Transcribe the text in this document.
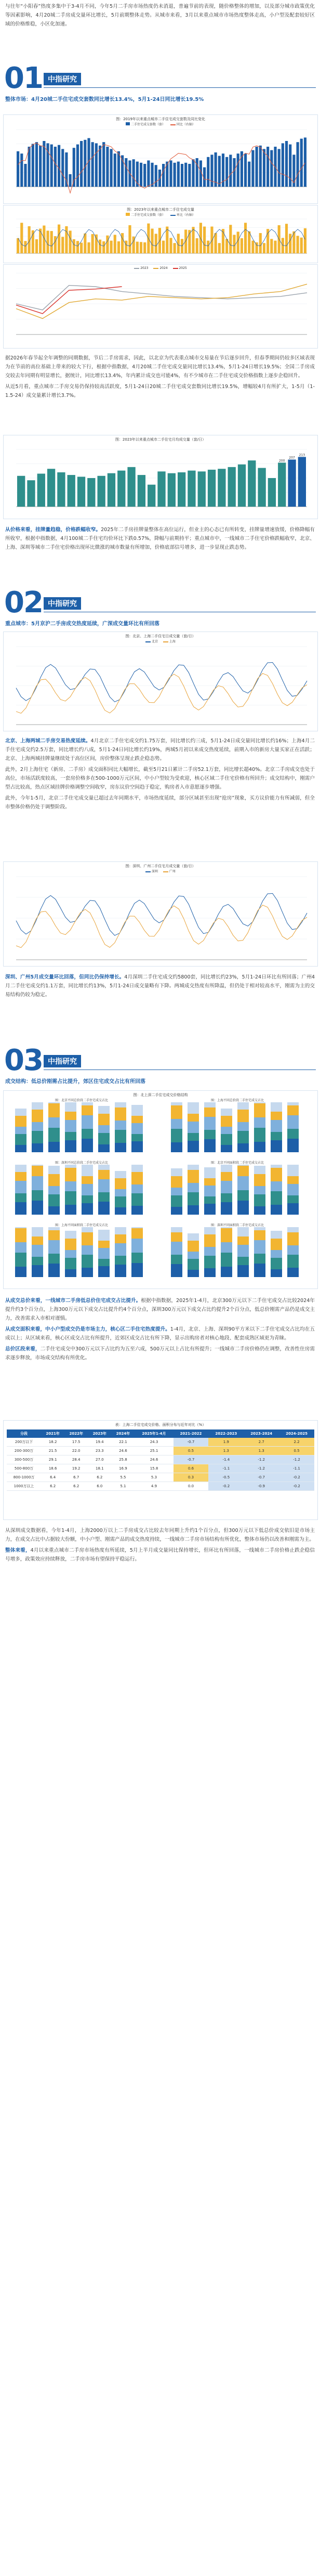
与往年“小阳春”热度多集中于3-4月不同，今年5月二手房市场热度仍未消退，普遍节前的表现，随价格整体的增加，以及部分城市政策优化等因素影响，4月20城二手房成交量环比增长，5月前期整体走势。从城市来看，3月以来重点城市市场热度整体走高，小户型及配套较好区域的价格维稳，小区化加速。

01 中指研究
整体市场：4月20城二手住宅成交套数同比增长13.4%，5月1-24日同比增长19.5%
图：2019年以来重点城市二手住宅成交套数及同比变化
二手住宅成交套数（套）	同比（右轴）
图：2023年以来重点城市二手住宅成交量
二手住宅成交套数（套）	环比（右轴）
2023	2024	2025

据2026年春节起全年调整的同期数据，节后二手房需求，因此，以北京为代表重点城市交易量在节后逐步回升，但春季期间仍较多区域表现为在节前的高位基础上带来的较大下行，根据中指数据，4月20城二手住宅成交量同比增长13.4%，5月1-24日增长19.5%；全国二手房成交较去年同期有明显增长，据统计，同比增长13.4%，年内累计成交也可能4%，有不少城市在二手住宅成交价格指数上逐步企稳回升。

从近5月看，重点城市二手房交易仍保持较高活跃度，5月1-24日20城二手住宅成交套数同比增长19.5%，增幅较4月有所扩大，1-5月（1-1.5-24）成交量累计增长3.7%。

图：2023年以来重点城市二手住宅月均成交量（套/日）
200
207
213

从价格来看，挂牌量趋稳，价格跌幅收窄。2025年二手房挂牌量整体在高位运行，但业主的心态已有所转变，挂牌量增速放缓，价格降幅有所收窄，根据中指数据，4月100城二手住宅均价环比下跌0.57%，降幅与前期持平；重点城市中，一线城市二手住宅价格跌幅收窄，北京、上海、深圳等城市二手住宅价格出现环比微涨的城市数量有所增加，价格底部信号增多，进一步显现止跌态势。

02 中指研究
重点城市：5月京沪二手房成交热度延续，广深成交量环比有所回落
图：北京、上海二手住宅日成交量（套/日）
北京	上海

北京、上海两城二手房交易热度延续。4月北京二手住宅成交约1.75万套，同比增长约三成，5月1-24日成交量同比增长约16%；上海4月二手住宅成交约2.5万套，同比增长约八成，5月1-24日同比增长约19%，两城5月初以来成交热度延续，前期入市的新房大量买家正在活跃；北京、上海两城挂牌量继续处于高位区间，房价整体呈现止跌企稳态势。

此外，2月上海住宅（新房、二手房）成交面积同比大幅增长，截至5月21日累计二手房52.1万套，同比增长超40%。北京二手房成交也处于高位，市场活跃度较高，一套房价格多在500-1000万元区间，中小户型较为受欢迎，核心区域二手住宅价格有所回升；成交结构中，刚需户型占比较高，热点区域挂牌价格调整空间收窄，房东议价空间趋于稳定，购房者入市意愿逐步增强。

此外，今年1-5月，北京二手住宅成交量已超过去年同期水平，市场热度延续，部分区域甚至出现“抢房”现象，买方议价能力有所减弱，但全市整体价格仍处于调整阶段。

图：深圳、广州二手住宅月成交量（套/日）
深圳	广州

深圳、广州5月成交量环比回落，但同比仍保持增长。4月深圳二手住宅成交约5800套，同比增长约23%，5月1-24日环比有所回落；广州4月二手住宅成交约1.1万套，同比增长约13%，5月1-24日成交量略有下降。两城成交热度有所降温，但仍处于相对较高水平，刚需为主的交易结构仍较为稳定。

03 中指研究
成交结构：低总价刚需占比提升，郊区住宅成交占比有所回落
图：北上深二手住宅成交价格结构
图：北京不同总价段二手住宅成交占比	图：上海不同总价段二手住宅成交占比
图：深圳不同总价段二手住宅成交占比	图：北京不同面积段二手住宅成交占比
图：上海不同面积段二手住宅成交占比	图：深圳不同面积段二手住宅成交占比

从成交总价来看，一线城市二手房低总价住宅成交占比提升。根据中指数据，2025年1-4月，北京300万元以下二手住宅成交占比较2024年提升约3个百分点，上海300万元以下成交占比提升约4个百分点，深圳300万元以下成交占比约提升2个百分点，低总价刚需产品仍是成交主力，改善需求入市相对谨慎。

从成交面积来看，中小户型成交仍是市场主力，核心区二手住宅热度提升。1-4月，北京、上海、深圳90平方米以下二手住宅成交占比均在五成以上；从区域来看，核心区成交占比有所提升，近郊区成交占比有所下降，显示出购房者对核心地段、配套成熟区域更为青睐。

总价区段来看，二手住宅成交中300万元以下占比约为五至六成，500万元以上占比有所提升；一线城市二手房价格仍在调整，改善性住房需求逐步释放，市场成交结构有所优化。

表：上海二手住宅成交价格、面积分布与近年对比（%）
分段	2021年	2022年	2023年	2024年	2025年1-4月	2021-2022	2022-2023	2023-2024	2024-2025
200万以下	18.2	17.5	19.4	22.1	24.3	-0.7	1.9	2.7	2.2
200-300万	21.5	22.0	23.3	24.6	25.1	0.5	1.3	1.3	0.5
300-500万	29.1	28.4	27.0	25.8	24.6	-0.7	-1.4	-1.2	-1.2
500-800万	18.6	19.2	18.1	16.9	15.8	0.6	-1.1	-1.2	-1.1
800-1000万	6.4	6.7	6.2	5.5	5.3	0.3	-0.5	-0.7	-0.2
1000万以上	6.2	6.2	6.0	5.1	4.9	0.0	-0.2	-0.9	-0.2

从深圳成交数据看，今年1-4月，上海2000万以上二手房成交占比较去年同期上升约1个百分点，但300万元以下低总价成交依旧是市场主力，在成交占比中占据较大份额，中小户型、刚需产品的成交热度持续，一线城市二手房市场结构有所优化，整体市场仍以改善和刚需为主。

整体来看，4月以来重点城市二手房市场热度有所延续，5月上半月成交量同比保持增长，但环比有所回落，一线城市二手房价格止跌企稳信号增多，政策效应持续释放，二手房市场有望保持平稳运行。
